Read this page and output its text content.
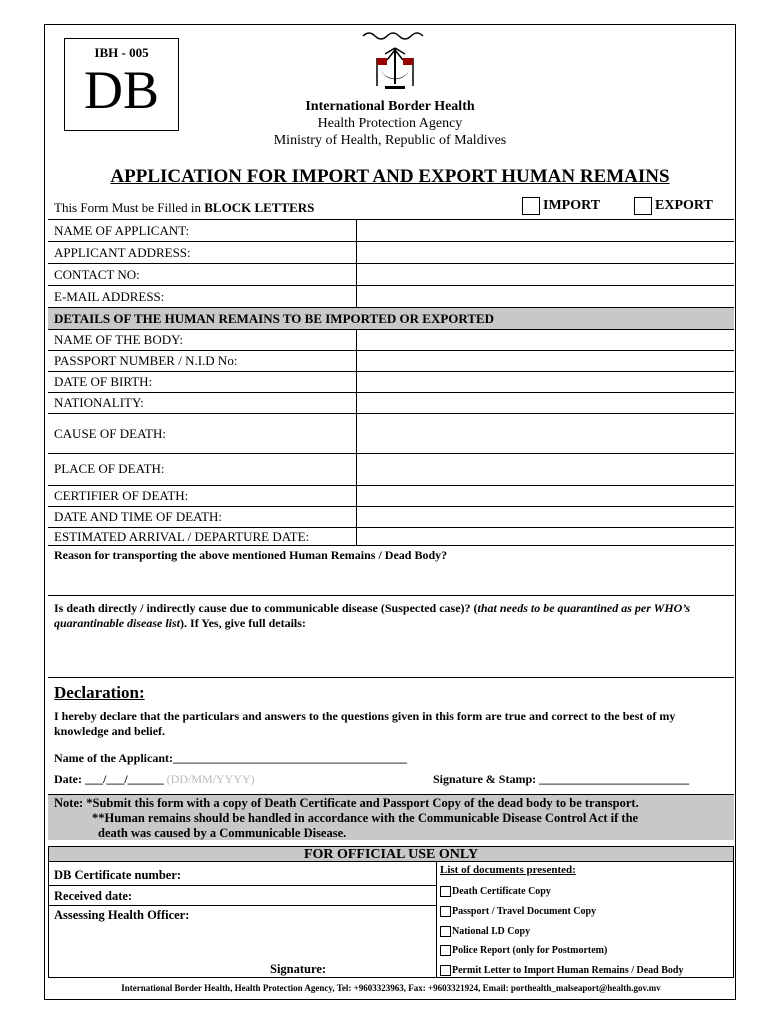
IBH - 005
DB	International Border Health
Health Protection Agency
Ministry of Health, Republic of Maldives
APPLICATION FOR IMPORT AND EXPORT HUMAN REMAINS
This Form Must be Filled in BLOCK LETTERS	IMPORT	EXPORT
NAME OF APPLICANT:
APPLICANT ADDRESS:
CONTACT NO:
E-MAIL ADDRESS:
DETAILS OF THE HUMAN REMAINS TO BE IMPORTED OR EXPORTED
NAME OF THE BODY:
PASSPORT NUMBER / N.I.D No:
DATE OF BIRTH:
NATIONALITY:
CAUSE OF DEATH:
PLACE OF DEATH:
CERTIFIER OF DEATH:
DATE AND TIME OF DEATH:
ESTIMATED ARRIVAL / DEPARTURE DATE:
Reason for transporting the above mentioned Human Remains / Dead Body?
Is death directly / indirectly cause due to communicable disease (Suspected case)? (that needs to be quarantined as per WHO’s quarantinable disease list). If Yes, give full details:
Declaration:
I hereby declare that the particulars and answers to the questions given in this form are true and correct to the best of my knowledge and belief.
Name of the Applicant:_______________________________________
Date: ___/___/______ (DD/MM/YYYY)	Signature & Stamp: _________________________
Note: *Submit this form with a copy of Death Certificate and Passport Copy of the dead body to be transport.
**Human remains should be handled in accordance with the Communicable Disease Control Act if the
death was caused by a Communicable Disease.
FOR OFFICIAL USE ONLY
DB Certificate number:
Received date:
Assessing Health Officer:
Signature:
List of documents presented:
Death Certificate Copy
Passport / Travel Document Copy
National I.D Copy
Police Report (only for Postmortem)
Permit Letter to Import Human Remains / Dead Body
International Border Health, Health Protection Agency, Tel: +9603323963, Fax: +9603321924, Email: porthealth_malseaport@health.gov.mv
